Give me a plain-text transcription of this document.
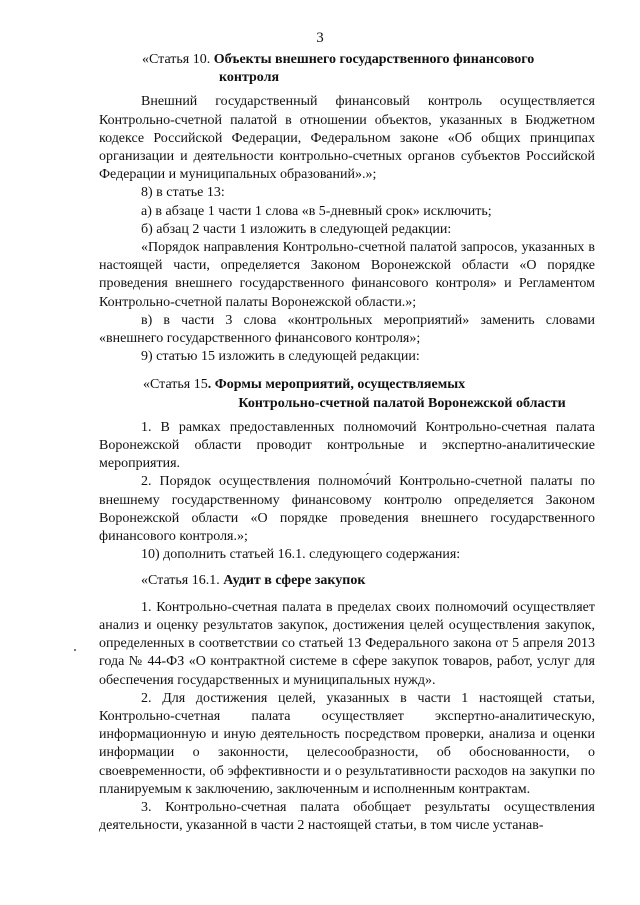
3

«Статья 10. Объекты внешнего государственного финансового
контроля

Внешний государственный финансовый контроль осуществляется Контрольно-счетной палатой в отношении объектов, указанных в Бюджетном кодексе Российской Федерации, Федеральном законе «Об общих принципах организации и деятельности контрольно-счетных органов субъектов Российской Федерации и муниципальных образований».»;

8) в статье 13:

а) в абзаце 1 части 1 слова «в 5-дневный срок» исключить;

б) абзац 2 части 1 изложить в следующей редакции:

«Порядок направления Контрольно-счетной палатой запросов, указанных в настоящей части, определяется Законом Воронежской области «О порядке проведения внешнего государственного финансового контроля» и Регламентом Контрольно-счетной палаты Воронежской области.»;

в) в части 3 слова «контрольных мероприятий» заменить словами «внешнего государственного финансового контроля»;

9) статью 15 изложить в следующей редакции:

«Статья 15. Формы мероприятий, осуществляемых
Контрольно-счетной палатой Воронежской области

1. В рамках предоставленных полномочий Контрольно-счетная палата Воронежской области проводит контрольные и экспертно-аналитические мероприятия.

2. Порядок осуществления полномо́чий Контрольно-счетной палаты по внешнему государственному финансовому контролю определяется Законом Воронежской области «О порядке проведения внешнего государственного финансового контроля.»;

10) дополнить статьей 16.1. следующего содержания:

«Статья 16.1. Аудит в сфере закупок

1. Контрольно-счетная палата в пределах своих полномочий осуществляет анализ и оценку результатов закупок, достижения целей осуществления закупок, определенных в соответствии со статьей 13 Федерального закона от 5 апреля 2013 года № 44-ФЗ «О контрактной системе в сфере закупок товаров, работ, услуг для обеспечения государственных и муниципальных нужд».

2. Для достижения целей, указанных в части 1 настоящей статьи, Контрольно-счетная палата осуществляет экспертно-аналитическую, информационную и иную деятельность посредством проверки, анализа и оценки информации о законности, целесообразности, об обоснованности, о своевременности, об эффективности и о результативности расходов на закупки по планируемым к заключению, заключенным и исполненным контрактам.

3. Контрольно-счетная палата обобщает результаты осуществления деятельности, указанной в части 2 настоящей статьи, в том числе устанав-
